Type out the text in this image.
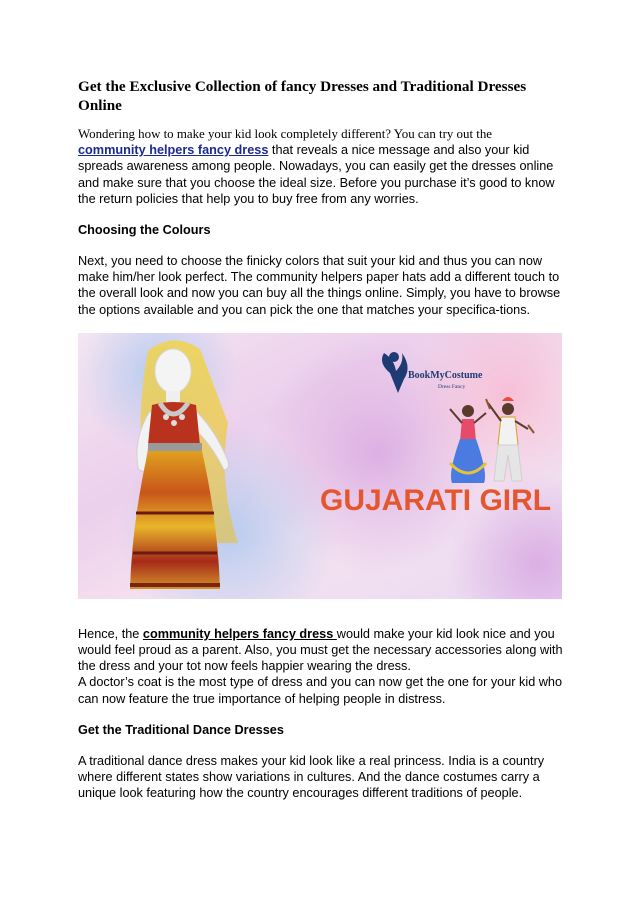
Get the Exclusive Collection of fancy Dresses and Traditional Dresses Online

Wondering how to make your kid look completely different? You can try out the
community helpers fancy dress that reveals a nice message and also your kid spreads awareness among people. Nowadays, you can easily get the dresses online and make sure that you choose the ideal size. Before you purchase it’s good to know the return policies that help you to buy free from any worries.

Choosing the Colours

Next, you need to choose the finicky colors that suit your kid and thus you can now make him/her look perfect. The community helpers paper hats add a different touch to the overall look and now you can buy all the things online. Simply, you have to browse the options available and you can pick the one that matches your specifica-tions.

BookMyCostume
Dress Fancy
GUJARATI GIRL

Hence, the community helpers fancy dress would make your kid look nice and you would feel proud as a parent. Also, you must get the necessary accessories along with the dress and your tot now feels happier wearing the dress.

A doctor’s coat is the most type of dress and you can now get the one for your kid who can now feature the true importance of helping people in distress.

Get the Traditional Dance Dresses

A traditional dance dress makes your kid look like a real princess. India is a country where different states show variations in cultures. And the dance costumes carry a unique look featuring how the country encourages different traditions of people.
